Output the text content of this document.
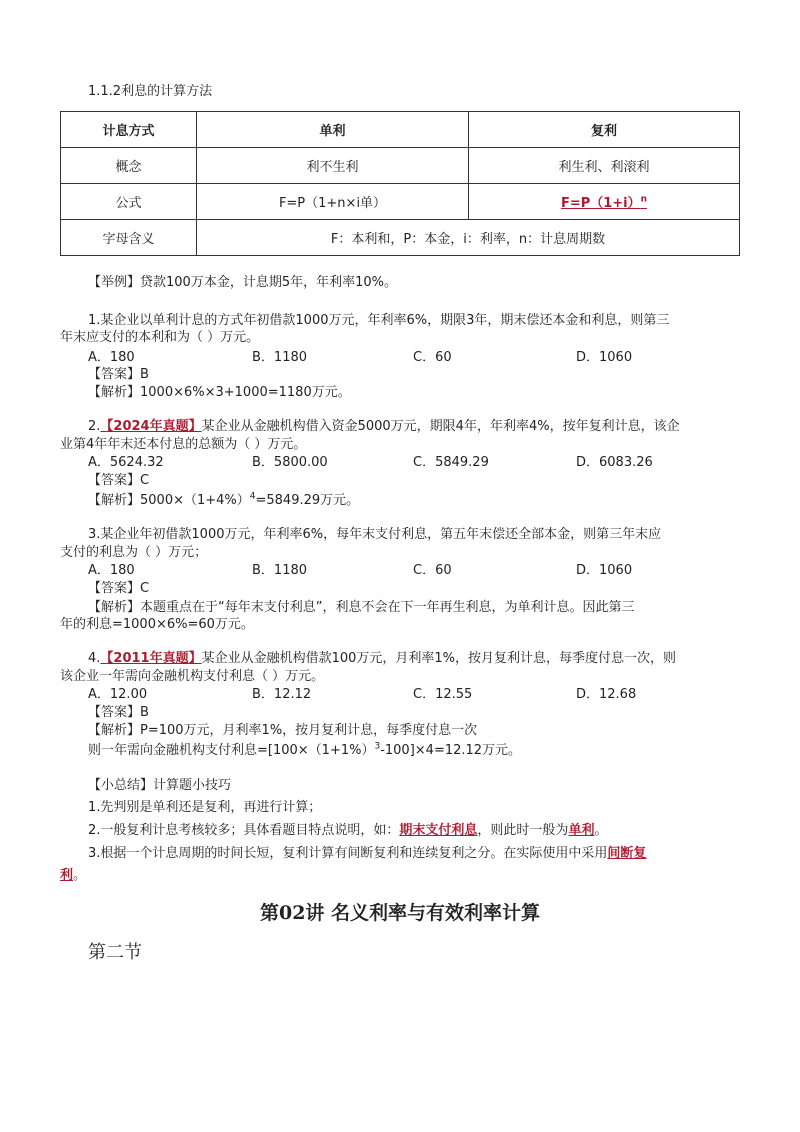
1.1.2利息的计算方法
计息方式	单利	复利
概念	利不生利	利生利、利滚利
公式	F=P（1+n×i单）	$F=P(1+i)^n$
字母含义	F：本利和，P：本金，i：利率，n：计息周期数	
【举例】贷款100万本金，计息期5年，年利率10%。
1.某企业以单利计息的方式年初借款1000万元，年利率6%，期限3年，期末偿还本金和利息，则第三
年末应支付的本利和为（ ）万元。
A．180	B．1180	C．60	D．1060
【答案】B
【解析】1000×6%×3+1000=1180万元。
2.【2024年真题】某企业从金融机构借入资金5000万元，期限4年，年利率4%，按年复利计息，该企
业第4年年末还本付息的总额为（ ）万元。
A．5624.32	B．5800.00	C．5849.29	D．6083.26
【答案】C
【解析】$5000\times(1+4\%)^4=5849.29$万元。
3.某企业年初借款1000万元，年利率6%，每年末支付利息，第五年末偿还全部本金，则第三年末应
支付的利息为（ ）万元；
A．180	B．1180	C．60	D．1060
【答案】C
【解析】本题重点在于“每年末支付利息”，利息不会在下一年再生利息，为单利计息。因此第三
年的利息=1000×6%=60万元。
4.【2011年真题】某企业从金融机构借款100万元，月利率1%，按月复利计息，每季度付息一次，则
该企业一年需向金融机构支付利息（ ）万元。
A．12.00	B．12.12	C．12.55	D．12.68
【答案】B
【解析】P=100万元，月利率1%，按月复利计息，每季度付息一次
则一年需向金融机构支付利息$=[100\times(1+1\%)^3-100]\times 4=12.12$万元。
【小总结】计算题小技巧
1.先判别是单利还是复利，再进行计算；
2.一般复利计息考核较多；具体看题目特点说明，如：期末支付利息，则此时一般为单利。
3.根据一个计息周期的时间长短，复利计算有间断复利和连续复利之分。在实际使用中采用间断复
利。
第02讲 名义利率与有效利率计算
第二节
